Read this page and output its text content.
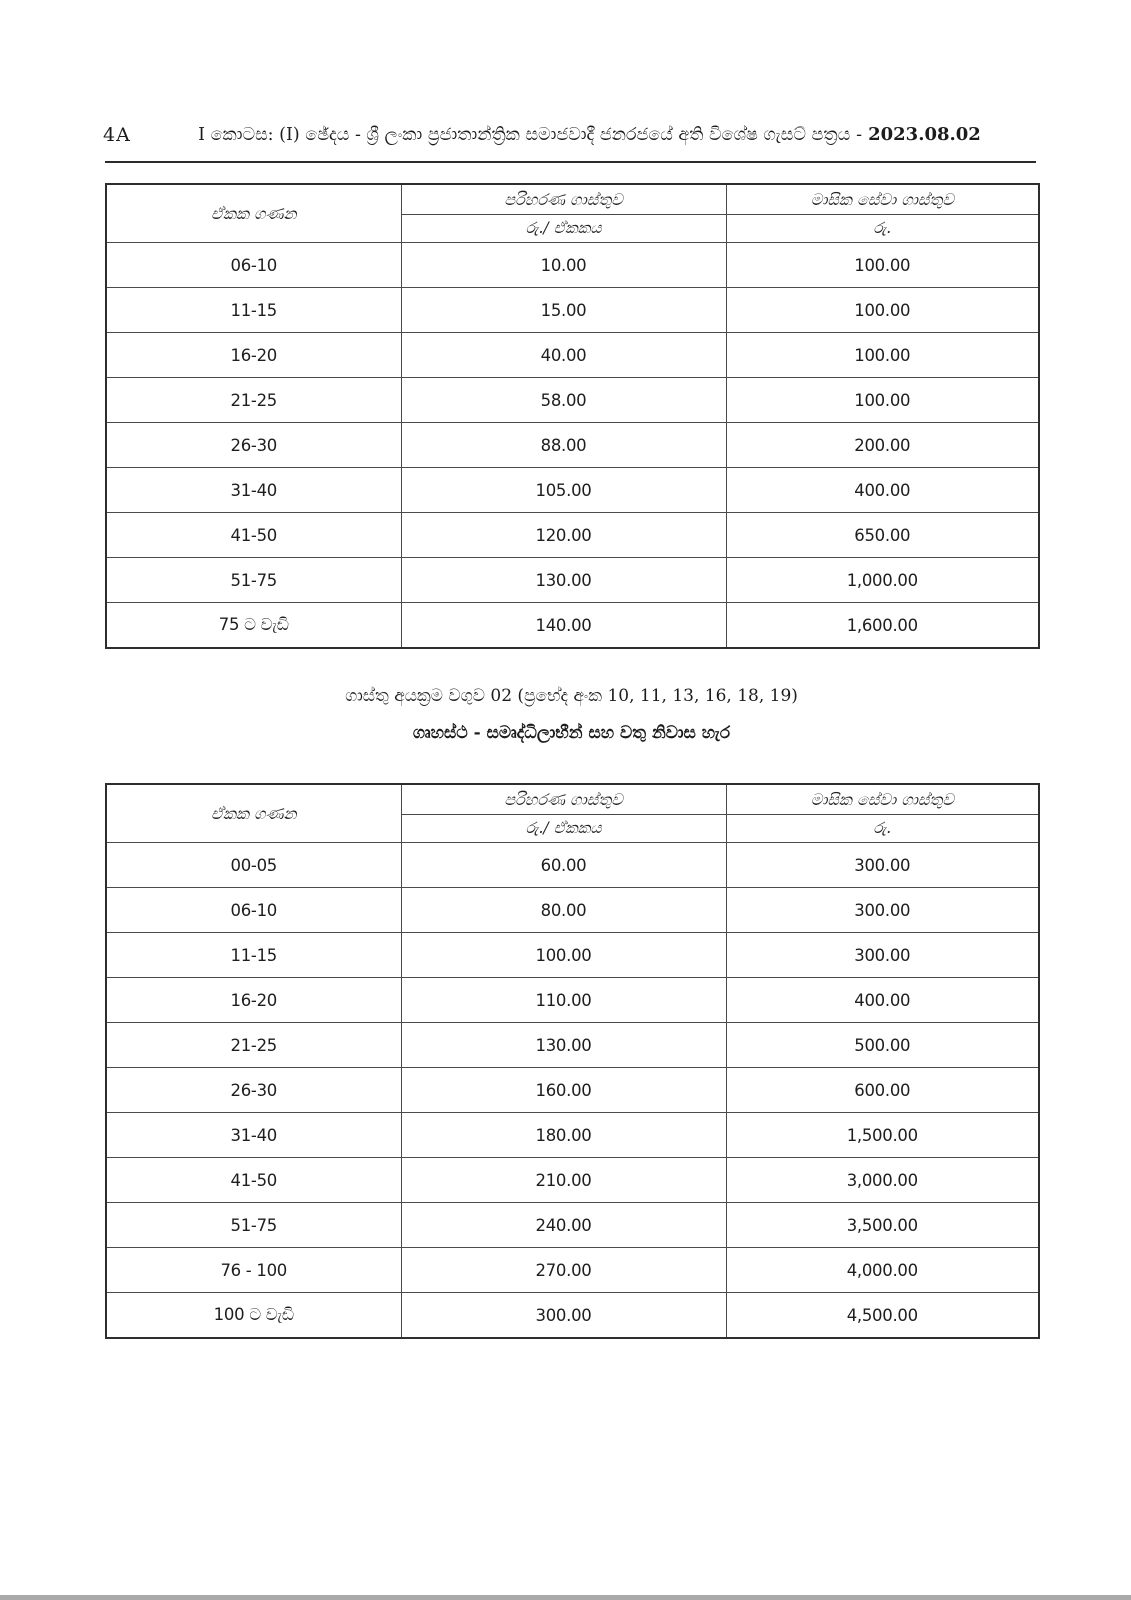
4A	I කොටස: (I) ඡේදය - ශ්‍රී ලංකා ප්‍රජාතාන්ත්‍රික සමාජවාදී ජනරජයේ අති විශේෂ ගැසට් පත්‍රය - 2023.08.02
ඒකක ගණන	පරිහරණ ගාස්තුව	මාසික සේවා ගාස්තුව
	රු./ ඒකකය	රු.
06-10	10.00	100.00
11-15	15.00	100.00
16-20	40.00	100.00
21-25	58.00	100.00
26-30	88.00	200.00
31-40	105.00	400.00
41-50	120.00	650.00
51-75	130.00	1,000.00
75 ට වැඩි	140.00	1,600.00
ගාස්තු අයක්‍රම වගුව 02 (ප්‍රභේද අංක 10, 11, 13, 16, 18, 19)
ගෘහස්ථ - සමෘද්ධිලාභීන් සහ වතු නිවාස හැර
ඒකක ගණන	පරිහරණ ගාස්තුව	මාසික සේවා ගාස්තුව
	රු./ ඒකකය	රු.
00-05	60.00	300.00
06-10	80.00	300.00
11-15	100.00	300.00
16-20	110.00	400.00
21-25	130.00	500.00
26-30	160.00	600.00
31-40	180.00	1,500.00
41-50	210.00	3,000.00
51-75	240.00	3,500.00
76 - 100	270.00	4,000.00
100 ට වැඩි	300.00	4,500.00
